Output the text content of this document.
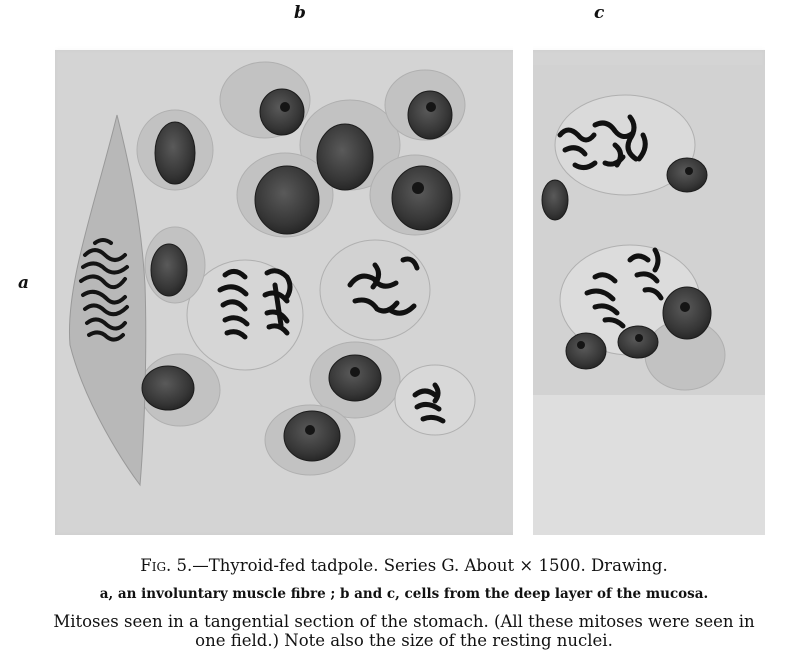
b	c
a
Fig. 5.—Thyroid-fed tadpole. Series G. About × 1500. Drawing.
a, an involuntary muscle fibre ; b and c, cells from the deep layer of the mucosa.
Mitoses seen in a tangential section of the stomach. (All these mitoses were seen in
one field.) Note also the size of the resting nuclei.
